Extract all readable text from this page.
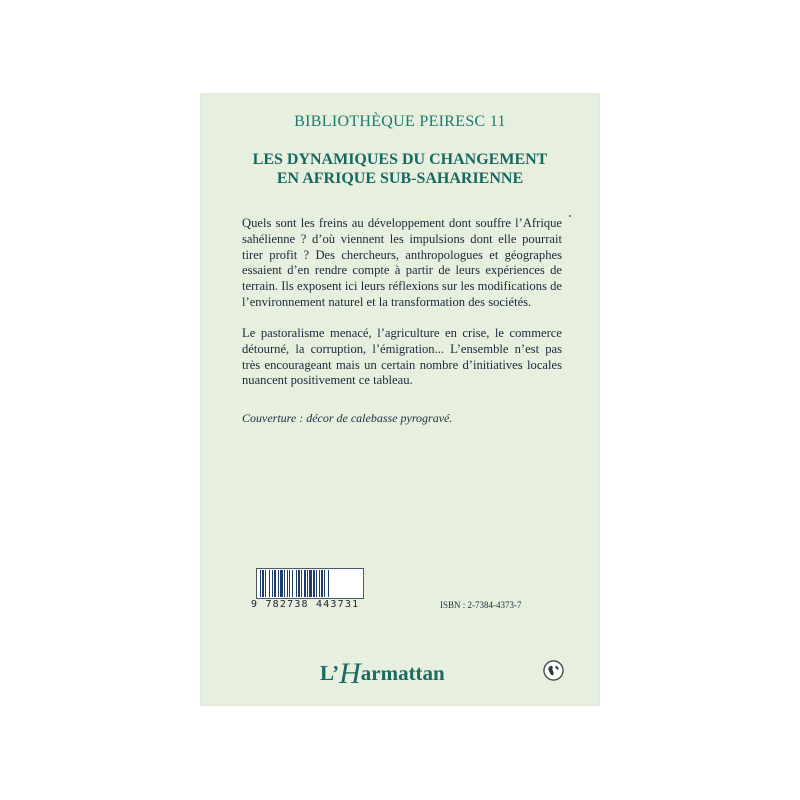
BIBLIOTHÈQUE PEIRESC 11
LES DYNAMIQUES DU CHANGEMENT
EN AFRIQUE SUB-SAHARIENNE
Quels sont les freins au développement dont souffre l’Afrique sahélienne ? d’où viennent les impulsions dont elle pourrait tirer profit ? Des chercheurs, anthropologues et géographes essaient d’en rendre compte à partir de leurs expériences de terrain. Ils exposent ici leurs réflexions sur les modifications de l’environnement naturel et la transformation des sociétés.
Le pastoralisme menacé, l’agriculture en crise, le commerce détourné, la corruption, l’émigration... L’ensemble n’est pas très encourageant mais un certain nombre d’initiatives locales nuancent positivement ce tableau.
Couverture : décor de calebasse pyrogravé.
9 782738 443731	ISBN : 2-7384-4373-7
L’Harmattan
